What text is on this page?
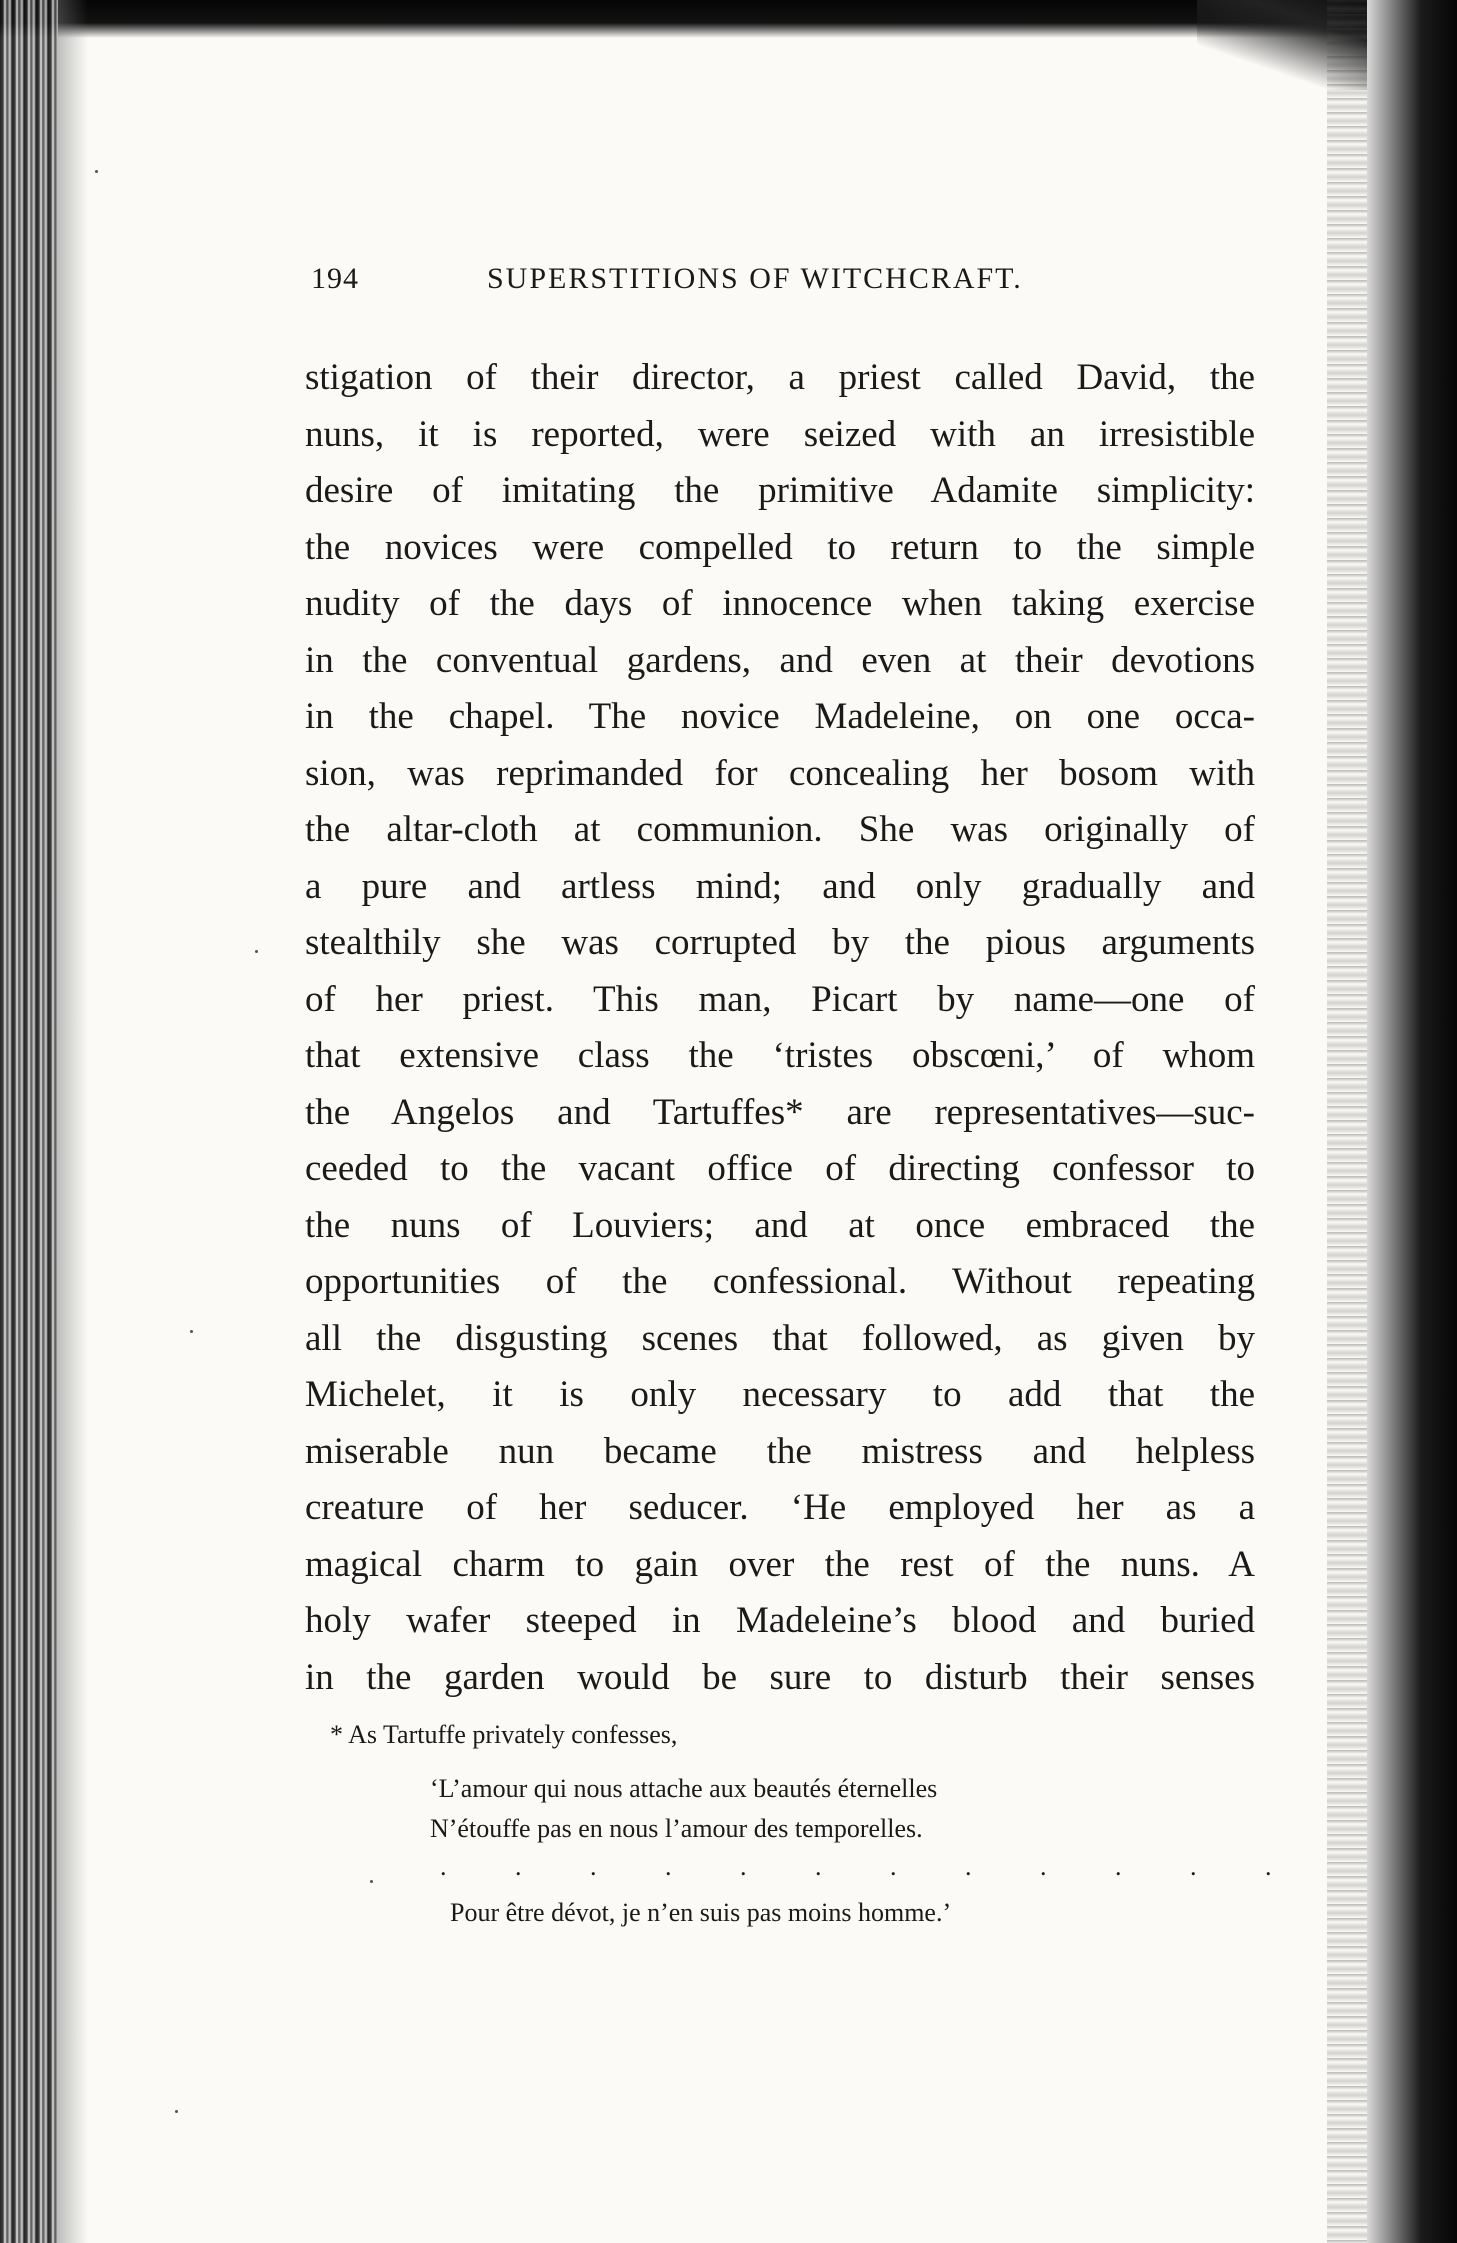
194	SUPERSTITIONS OF WITCHCRAFT.
stigation of their director, a priest called David, the
nuns, it is reported, were seized with an irresistible
desire of imitating the primitive Adamite simplicity:
the novices were compelled to return to the simple
nudity of the days of innocence when taking exercise
in the conventual gardens, and even at their devotions
in the chapel. The novice Madeleine, on one occa-
sion, was reprimanded for concealing her bosom with
the altar-cloth at communion. She was originally of
a pure and artless mind; and only gradually and
stealthily she was corrupted by the pious arguments
of her priest. This man, Picart by name—one of
that extensive class the ‘tristes obscœni,’ of whom
the Angelos and Tartuffes* are representatives—suc-
ceeded to the vacant office of directing confessor to
the nuns of Louviers; and at once embraced the
opportunities of the confessional. Without repeating
all the disgusting scenes that followed, as given by
Michelet, it is only necessary to add that the
miserable nun became the mistress and helpless
creature of her seducer. ‘He employed her as a
magical charm to gain over the rest of the nuns. A
holy wafer steeped in Madeleine’s blood and buried
in the garden would be sure to disturb their senses
* As Tartuffe privately confesses,
‘L’amour qui nous attache aux beautés éternelles
N’étouffe pas en nous l’amour des temporelles.
. . . . . . . . . . . .
Pour être dévot, je n’en suis pas moins homme.’
